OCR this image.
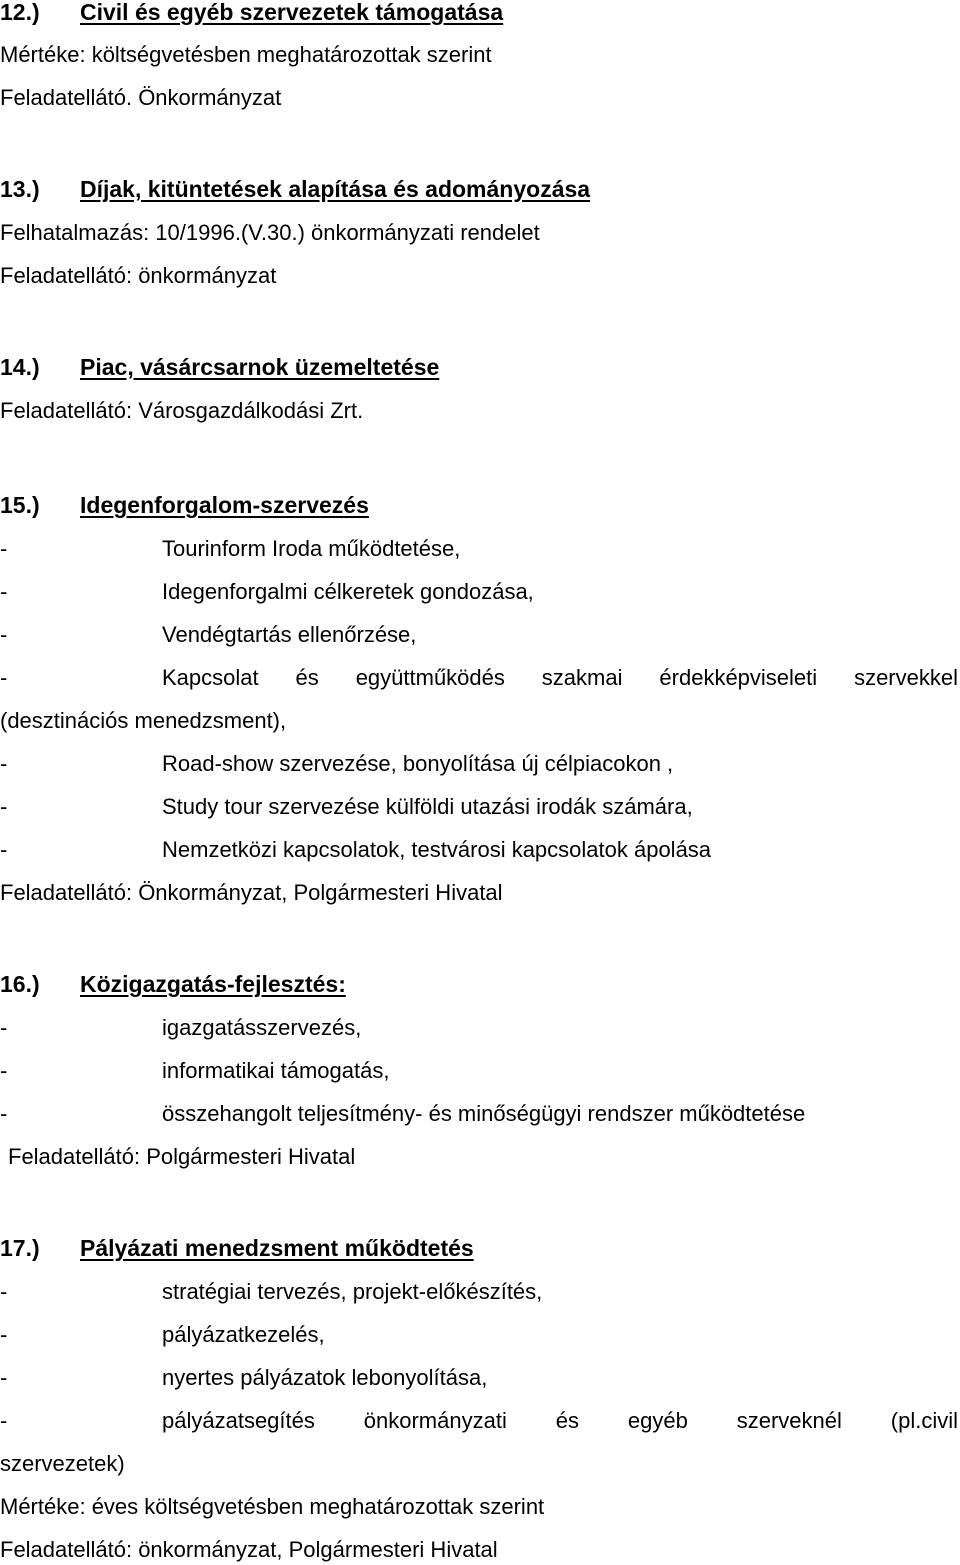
12.) Civil és egyéb szervezetek támogatása
Mértéke: költségvetésben meghatározottak szerint
Feladatellátó. Önkormányzat
13.) Díjak, kitüntetések alapítása és adományozása
Felhatalmazás: 10/1996.(V.30.) önkormányzati rendelet
Feladatellátó: önkormányzat
14.) Piac, vásárcsarnok üzemeltetése
Feladatellátó: Városgazdálkodási Zrt.
15.) Idegenforgalom-szervezés
-	Tourinform Iroda működtetése,
-	Idegenforgalmi célkeretek gondozása,
-	Vendégtartás ellenőrzése,
-	Kapcsolat és együttműködés szakmai érdekképviseleti szervekkel
(desztinációs menedzsment),
-	Road-show szervezése, bonyolítása új célpiacokon ,
-	Study tour szervezése külföldi utazási irodák számára,
-	Nemzetközi kapcsolatok, testvárosi kapcsolatok ápolása
Feladatellátó: Önkormányzat, Polgármesteri Hivatal
16.) Közigazgatás-fejlesztés:
-	igazgatásszervezés,
-	informatikai támogatás,
-	összehangolt teljesítmény- és minőségügyi rendszer működtetése
Feladatellátó: Polgármesteri Hivatal
17.) Pályázati menedzsment működtetés
-	stratégiai tervezés, projekt-előkészítés,
-	pályázatkezelés,
-	nyertes pályázatok lebonyolítása,
-	pályázatsegítés önkormányzati és egyéb szerveknél (pl.civil
szervezetek)
Mértéke: éves költségvetésben meghatározottak szerint
Feladatellátó: önkormányzat, Polgármesteri Hivatal
